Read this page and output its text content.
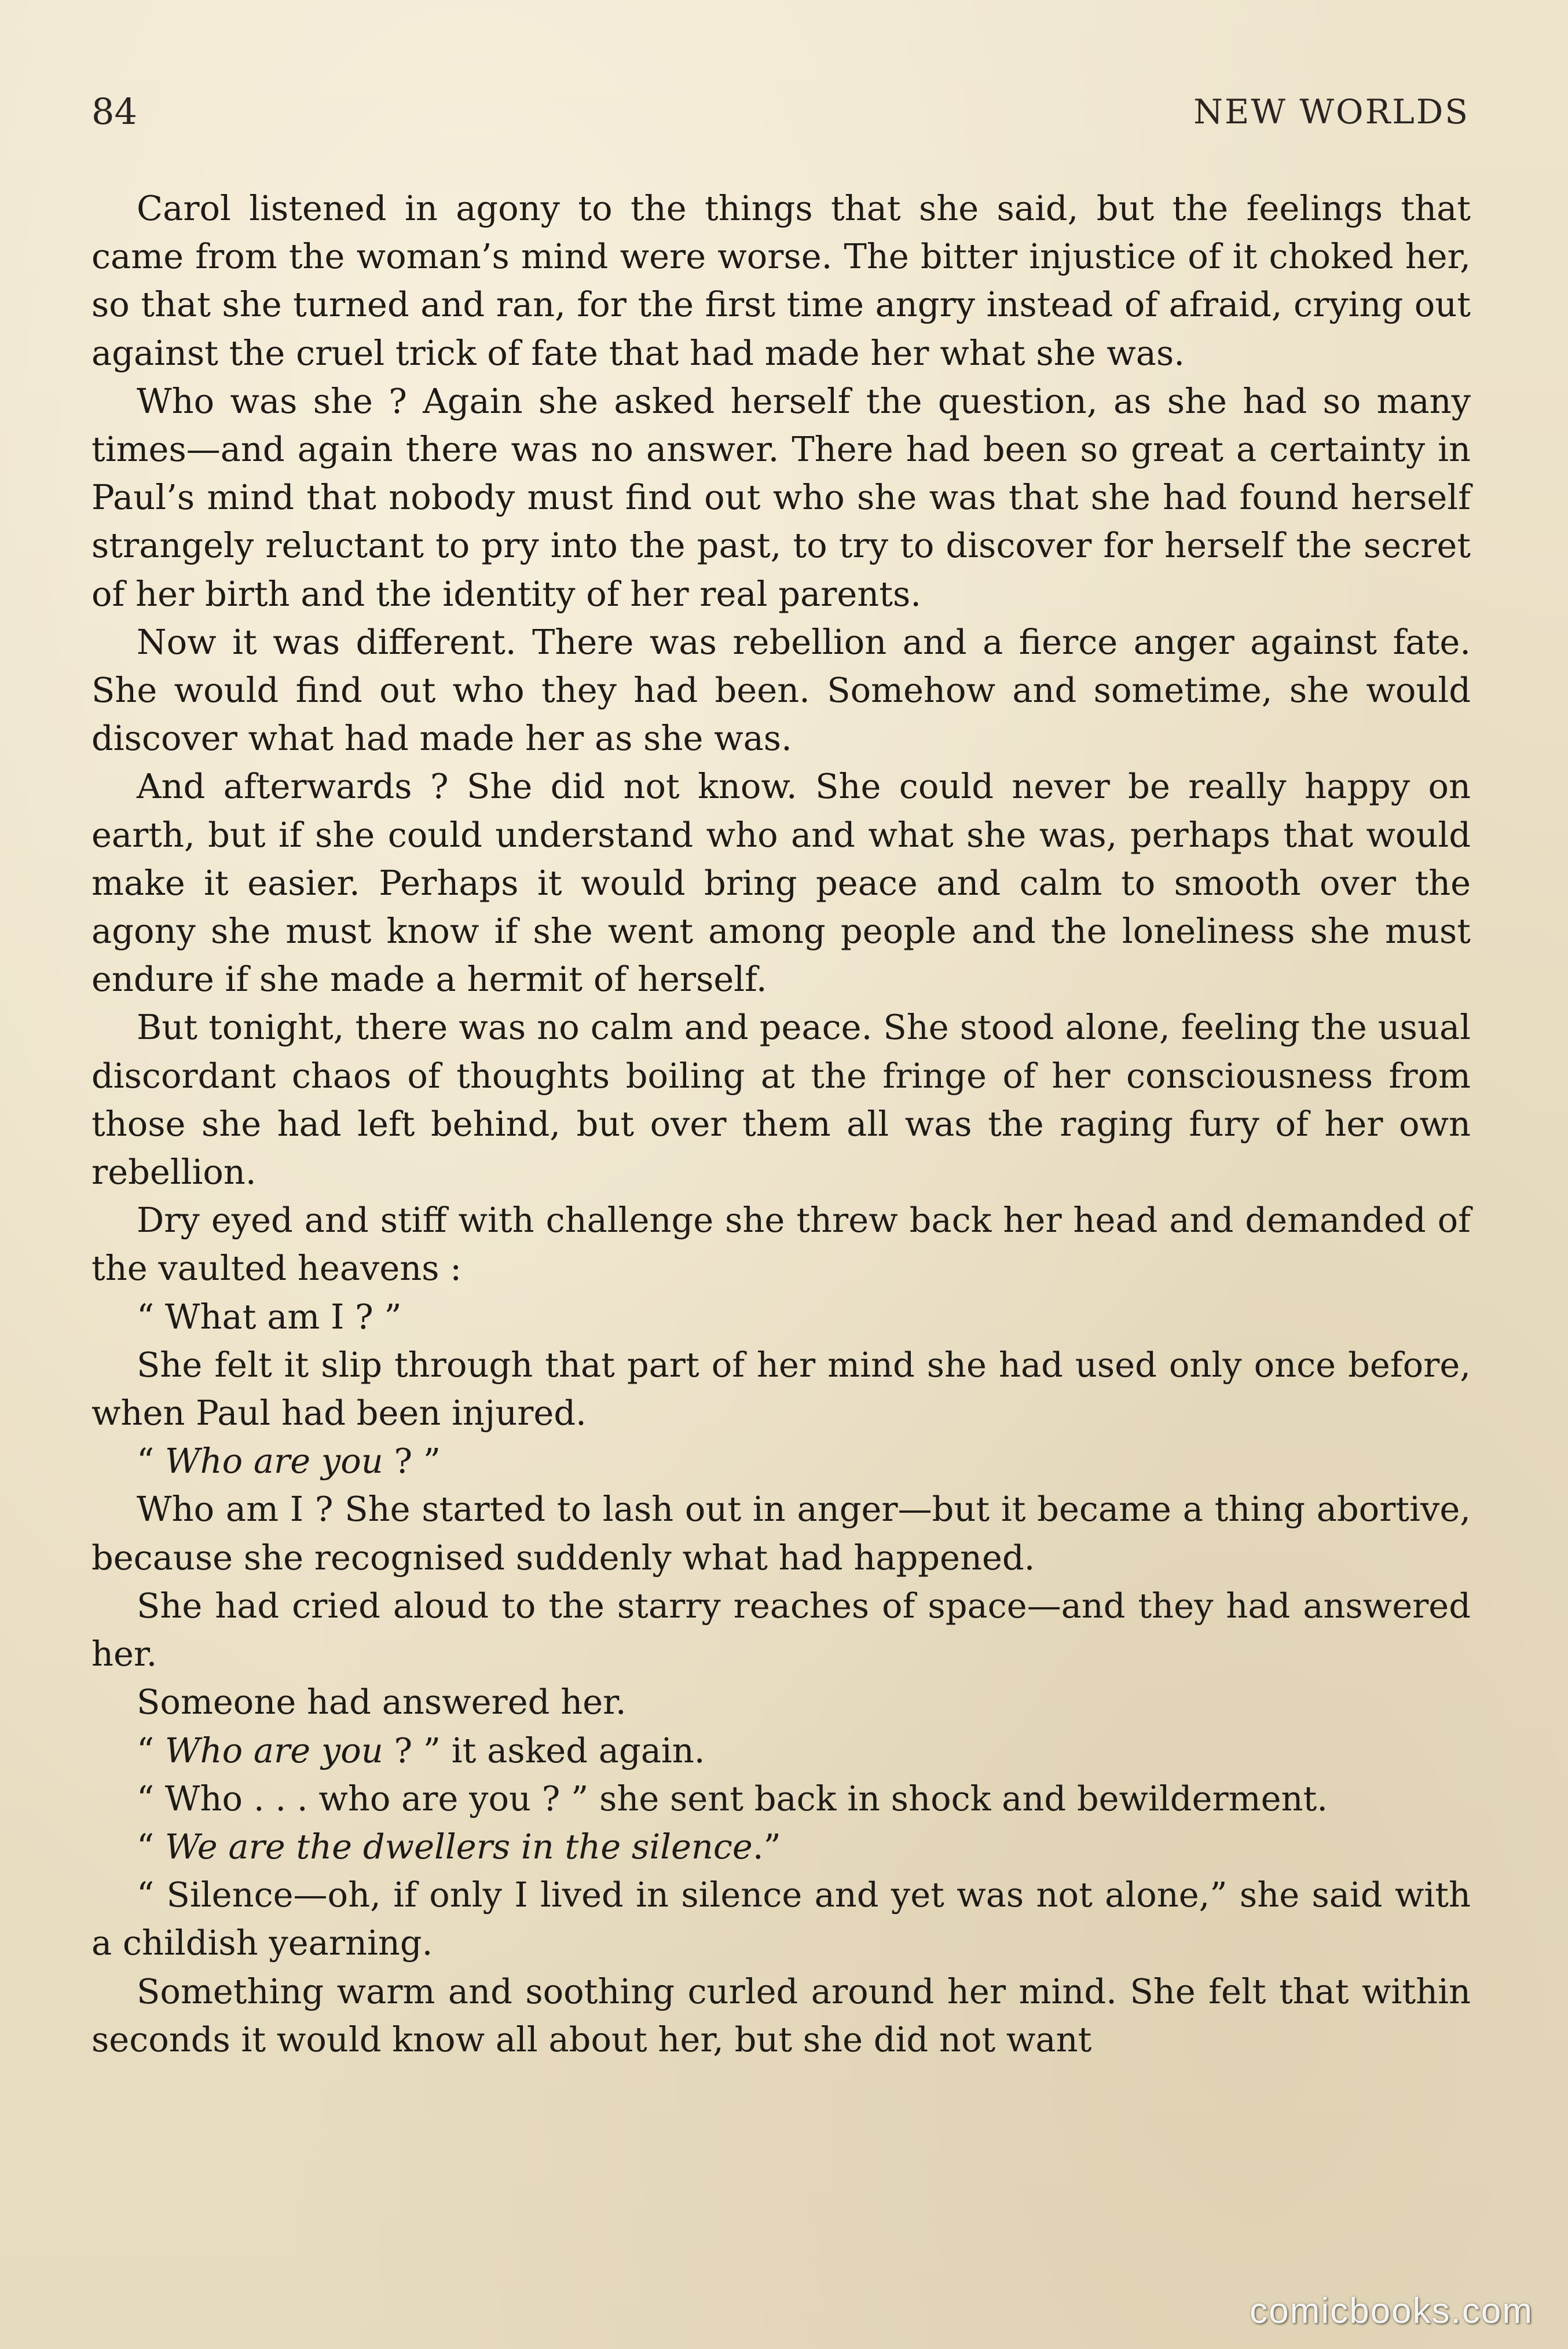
84	NEW WORLDS

Carol listened in agony to the things that she said, but the feelings that came from the woman’s mind were worse. The bitter injustice of it choked her, so that she turned and ran, for the first time angry instead of afraid, crying out against the cruel trick of fate that had made her what she was.

Who was she ? Again she asked herself the question, as she had so many times—and again there was no answer. There had been so great a certainty in Paul’s mind that nobody must find out who she was that she had found herself strangely reluctant to pry into the past, to try to discover for herself the secret of her birth and the identity of her real parents.

Now it was different. There was rebellion and a fierce anger against fate. She would find out who they had been. Somehow and sometime, she would discover what had made her as she was.

And afterwards ? She did not know. She could never be really happy on earth, but if she could understand who and what she was, perhaps that would make it easier. Perhaps it would bring peace and calm to smooth over the agony she must know if she went among people and the loneliness she must endure if she made a hermit of herself.

But tonight, there was no calm and peace. She stood alone, feeling the usual discordant chaos of thoughts boiling at the fringe of her consciousness from those she had left behind, but over them all was the raging fury of her own rebellion.

Dry eyed and stiff with challenge she threw back her head and demanded of the vaulted heavens :

“ What am I ? ”

She felt it slip through that part of her mind she had used only once before, when Paul had been injured.

“ Who are you ? ”

Who am I ? She started to lash out in anger—but it became a thing abortive, because she recognised suddenly what had happened.

She had cried aloud to the starry reaches of space—and they had answered her.

Someone had answered her.

“ Who are you ? ” it asked again.

“ Who . . . who are you ? ” she sent back in shock and bewilderment.

“ We are the dwellers in the silence.”

“ Silence—oh, if only I lived in silence and yet was not alone,” she said with a childish yearning.

Something warm and soothing curled around her mind. She felt that within seconds it would know all about her, but she did not want

comicbooks.com
